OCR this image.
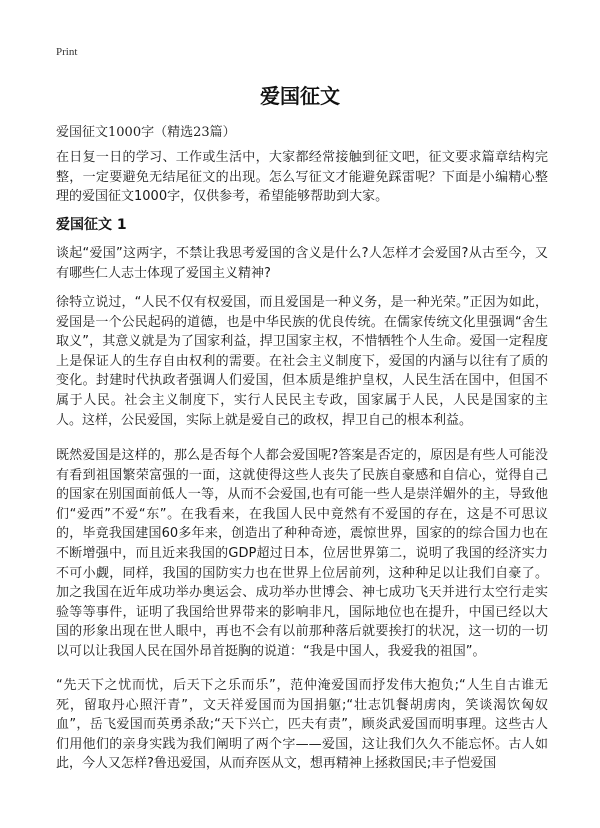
Print
爱国征文
爱国征文1000字（精选23篇）

在日复一日的学习、工作或生活中，大家都经常接触到征文吧，征文要求篇章结构完整，一定要避免无结尾征文的出现。怎么写征文才能避免踩雷呢？下面是小编精心整理的爱国征文1000字，仅供参考，希望能够帮助到大家。

爱国征文 1

谈起“爱国”这两字，不禁让我思考爱国的含义是什么?人怎样才会爱国?从古至今，又有哪些仁人志士体现了爱国主义精神?

徐特立说过，“人民不仅有权爱国，而且爱国是一种义务，是一种光荣。”正因为如此，爱国是一个公民起码的道德，也是中华民族的优良传统。在儒家传统文化里强调“舍生取义”，其意义就是为了国家利益，捍卫国家主权，不惜牺牲个人生命。爱国一定程度上是保证人的生存自由权利的需要。在社会主义制度下，爱国的内涵与以往有了质的变化。封建时代执政者强调人们爱国，但本质是维护皇权，人民生活在国中，但国不属于人民。社会主义制度下，实行人民民主专政，国家属于人民，人民是国家的主人。这样，公民爱国，实际上就是爱自己的政权，捍卫自己的根本利益。

既然爱国是这样的，那么是否每个人都会爱国呢?答案是否定的，原因是有些人可能没有看到祖国繁荣富强的一面，这就使得这些人丧失了民族自豪感和自信心，觉得自己的国家在别国面前低人一等，从而不会爱国,也有可能一些人是崇洋媚外的主，导致他们“爱西”不爱“东”。在我看来，在我国人民中竟然有不爱国的存在，这是不可思议的，毕竟我国建国60多年来，创造出了种种奇迹，震惊世界，国家的的综合国力也在不断增强中，而且近来我国的GDP超过日本，位居世界第二，说明了我国的经济实力不可小觑，同样，我国的国防实力也在世界上位居前列，这种种足以让我们自豪了。加之我国在近年成功举办奥运会、成功举办世博会、神七成功飞天并进行太空行走实验等等事件，证明了我国给世界带来的影响非凡，国际地位也在提升，中国已经以大国的形象出现在世人眼中，再也不会有以前那种落后就要挨打的状况，这一切的一切以可以让我国人民在国外昂首挺胸的说道：“我是中国人，我爱我的祖国”。

“先天下之忧而忧，后天下之乐而乐”，范仲淹爱国而抒发伟大抱负;“人生自古谁无死，留取丹心照汗青”，文天祥爱国而为国捐躯;“壮志饥餐胡虏肉，笑谈渴饮匈奴血”，岳飞爱国而英勇杀敌;“天下兴亡，匹夫有责”，顾炎武爱国而明事理。这些古人们用他们的亲身实践为我们阐明了两个字——爱国，这让我们久久不能忘怀。古人如此，今人又怎样?鲁迅爱国，从而弃医从文，想再精神上拯救国民;丰子恺爱国
